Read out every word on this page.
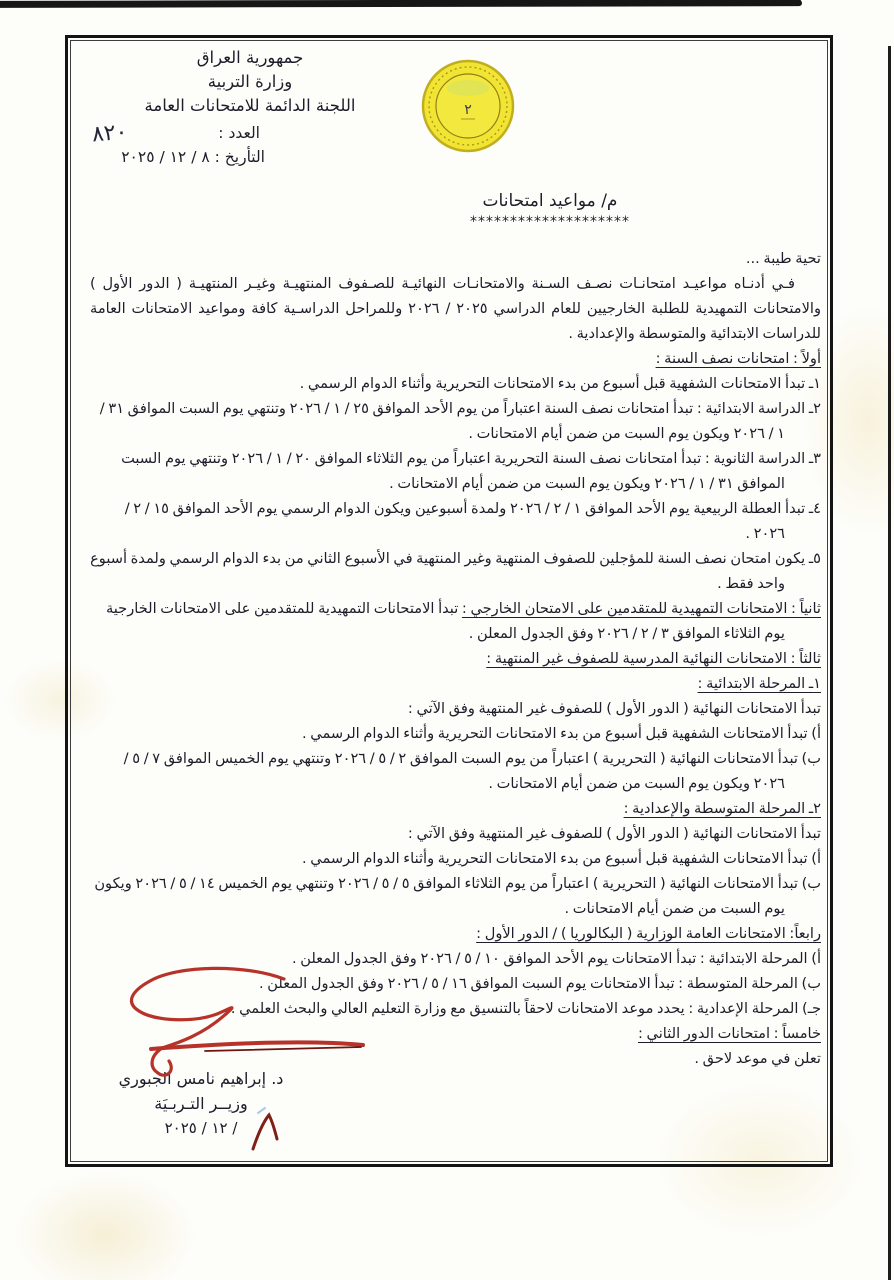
جمهورية العراق
وزارة التربية
اللجنة الدائمة للامتحانات العامة
العدد :
٨٢٠
التأريخ : ٨ / ١٢ / ٢٠٢٥
٢
م/ مواعيد امتحانات
********************

تحية طيبة ...

فـي أدنـاه مواعيـد امتحانـات نصـف السـنة والامتحانـات النهائيـة للصـفوف المنتهيـة وغيـر المنتهيـة ( الدور الأول ) والامتحانات التمهيدية للطلبة الخارجيين للعام الدراسي ٢٠٢٥ / ٢٠٢٦ وللمراحل الدراسـية كافة ومواعيد الامتحانات العامة للدراسات الابتدائية والمتوسطة والإعدادية .

أولاً : امتحانات نصف السنة :

١ـ تبدأ الامتحانات الشفهية قبل أسبوع من بدء الامتحانات التحريرية وأثناء الدوام الرسمي .

٢ـ الدراسة الابتدائية : تبدأ امتحانات نصف السنة اعتباراً من يوم الأحد الموافق ٢٥ / ١ / ٢٠٢٦ وتنتهي يوم السبت الموافق ٣١ / ١ / ٢٠٢٦ ويكون يوم السبت من ضمن أيام الامتحانات .

٣ـ الدراسة الثانوية : تبدأ امتحانات نصف السنة التحريرية اعتباراً من يوم الثلاثاء الموافق ٢٠ / ١ / ٢٠٢٦ وتنتهي يوم السبت الموافق ٣١ / ١ / ٢٠٢٦ ويكون يوم السبت من ضمن أيام الامتحانات .

٤ـ تبدأ العطلة الربيعية يوم الأحد الموافق ١ / ٢ / ٢٠٢٦ ولمدة أسبوعين ويكون الدوام الرسمي يوم الأحد الموافق ١٥ / ٢ / ٢٠٢٦ .

٥ـ يكون امتحان نصف السنة للمؤجلين للصفوف المنتهية وغير المنتهية في الأسبوع الثاني من بدء الدوام الرسمي ولمدة أسبوع واحد فقط .

ثانياً : الامتحانات التمهيدية للمتقدمين على الامتحان الخارجي : تبدأ الامتحانات التمهيدية للمتقدمين على الامتحانات الخارجية يوم الثلاثاء الموافق ٣ / ٢ / ٢٠٢٦ وفق الجدول المعلن .

ثالثاً : الامتحانات النهائية المدرسية للصفوف غير المنتهية :

١ـ المرحلة الابتدائية :

تبدأ الامتحانات النهائية ( الدور الأول ) للصفوف غير المنتهية وفق الآتي :

أ) تبدأ الامتحانات الشفهية قبل أسبوع من بدء الامتحانات التحريرية وأثناء الدوام الرسمي .

ب) تبدأ الامتحانات النهائية ( التحريرية ) اعتباراً من يوم السبت الموافق ٢ / ٥ / ٢٠٢٦ وتنتهي يوم الخميس الموافق ٧ / ٥ / ٢٠٢٦ ويكون يوم السبت من ضمن أيام الامتحانات .

٢ـ المرحلة المتوسطة والإعدادية :

تبدأ الامتحانات النهائية ( الدور الأول ) للصفوف غير المنتهية وفق الآتي :

أ) تبدأ الامتحانات الشفهية قبل أسبوع من بدء الامتحانات التحريرية وأثناء الدوام الرسمي .

ب) تبدأ الامتحانات النهائية ( التحريرية ) اعتباراً من يوم الثلاثاء الموافق ٥ / ٥ / ٢٠٢٦ وتنتهي يوم الخميس ١٤ / ٥ / ٢٠٢٦ ويكون يوم السبت من ضمن أيام الامتحانات .

رابعاً: الامتحانات العامة الوزارية ( البكالوريا ) / الدور الأول :

أ) المرحلة الابتدائية : تبدأ الامتحانات يوم الأحد الموافق ١٠ / ٥ / ٢٠٢٦ وفق الجدول المعلن .

ب) المرحلة المتوسطة : تبدأ الامتحانات يوم السبت الموافق ١٦ / ٥ / ٢٠٢٦ وفق الجدول المعلن .

جـ) المرحلة الإعدادية : يحدد موعد الامتحانات لاحقاً بالتنسيق مع وزارة التعليم العالي والبحث العلمي .

خامساً : امتحانات الدور الثاني :

تعلن في موعد لاحق .

د. إبراهيم نامس الجبوري
وزيــر التـربـيَة
/ ١٢ / ٢٠٢٥
